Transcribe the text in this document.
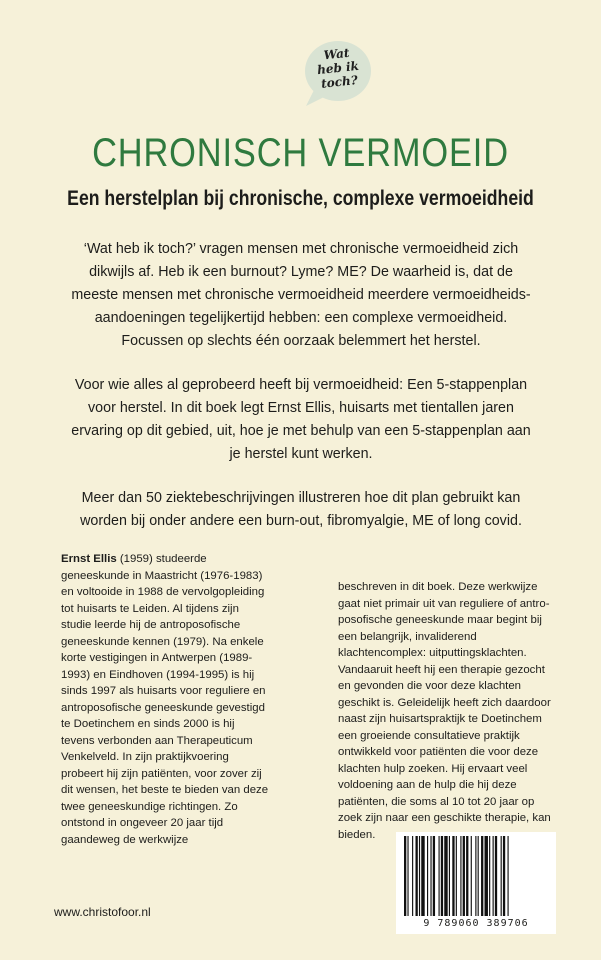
Wat
heb ik
toch?
CHRONISCH VERMOEID
Een herstelplan bij chronische, complexe vermoeidheid

‘Wat heb ik toch?’ vragen mensen met chronische vermoeidheid zich dikwijls af. Heb ik een burnout? Lyme? ME? De waarheid is, dat de meeste mensen met chronische vermoeidheid meerdere vermoeidheids-aandoeningen tegelijkertijd hebben: een complexe vermoeidheid. Focussen op slechts één oorzaak belemmert het herstel.

Voor wie alles al geprobeerd heeft bij vermoeidheid: Een 5-stappenplan voor herstel. In dit boek legt Ernst Ellis, huisarts met tientallen jaren ervaring op dit gebied, uit, hoe je met behulp van een 5-stappenplan aan je herstel kunt werken.

Meer dan 50 ziektebeschrijvingen illustreren hoe dit plan gebruikt kan worden bij onder andere een burn-out, fibromyalgie, ME of long covid.

Ernst Ellis (1959) studeerde geneeskunde in Maastricht (1976-1983) en voltooide in 1988 de vervolgopleiding tot huisarts te Leiden. Al tijdens zijn studie leerde hij de antroposofische geneeskunde kennen (1979). Na enkele korte vestigingen in Antwerpen (1989-1993) en Eindhoven (1994-1995) is hij sinds 1997 als huisarts voor reguliere en antroposofische geneeskunde gevestigd te Doetinchem en sinds 2000 is hij tevens verbonden aan Therapeuticum Venkelveld. In zijn praktijkvoering probeert hij zijn patiënten, voor zover zij dit wensen, het beste te bieden van deze twee geneeskundige richtingen. Zo ontstond in ongeveer 20 jaar tijd gaandeweg de werkwijze

beschreven in dit boek. Deze werkwijze gaat niet primair uit van reguliere of antroposofische geneeskunde maar begint bij een belangrijk, invaliderend klachtencomplex: uitputtingsklachten. Vandaaruit heeft hij een therapie gezocht en gevonden die voor deze klachten geschikt is. Geleidelijk heeft zich daardoor naast zijn huisartspraktijk te Doetinchem een groeiende consultatieve praktijk ontwikkeld voor patiënten die voor deze klachten hulp zoeken. Hij ervaart veel voldoening aan de hulp die hij deze patiënten, die soms al 10 tot 20 jaar op zoek zijn naar een geschikte therapie, kan bieden.

www.christofoor.nl
9 789060 389706
